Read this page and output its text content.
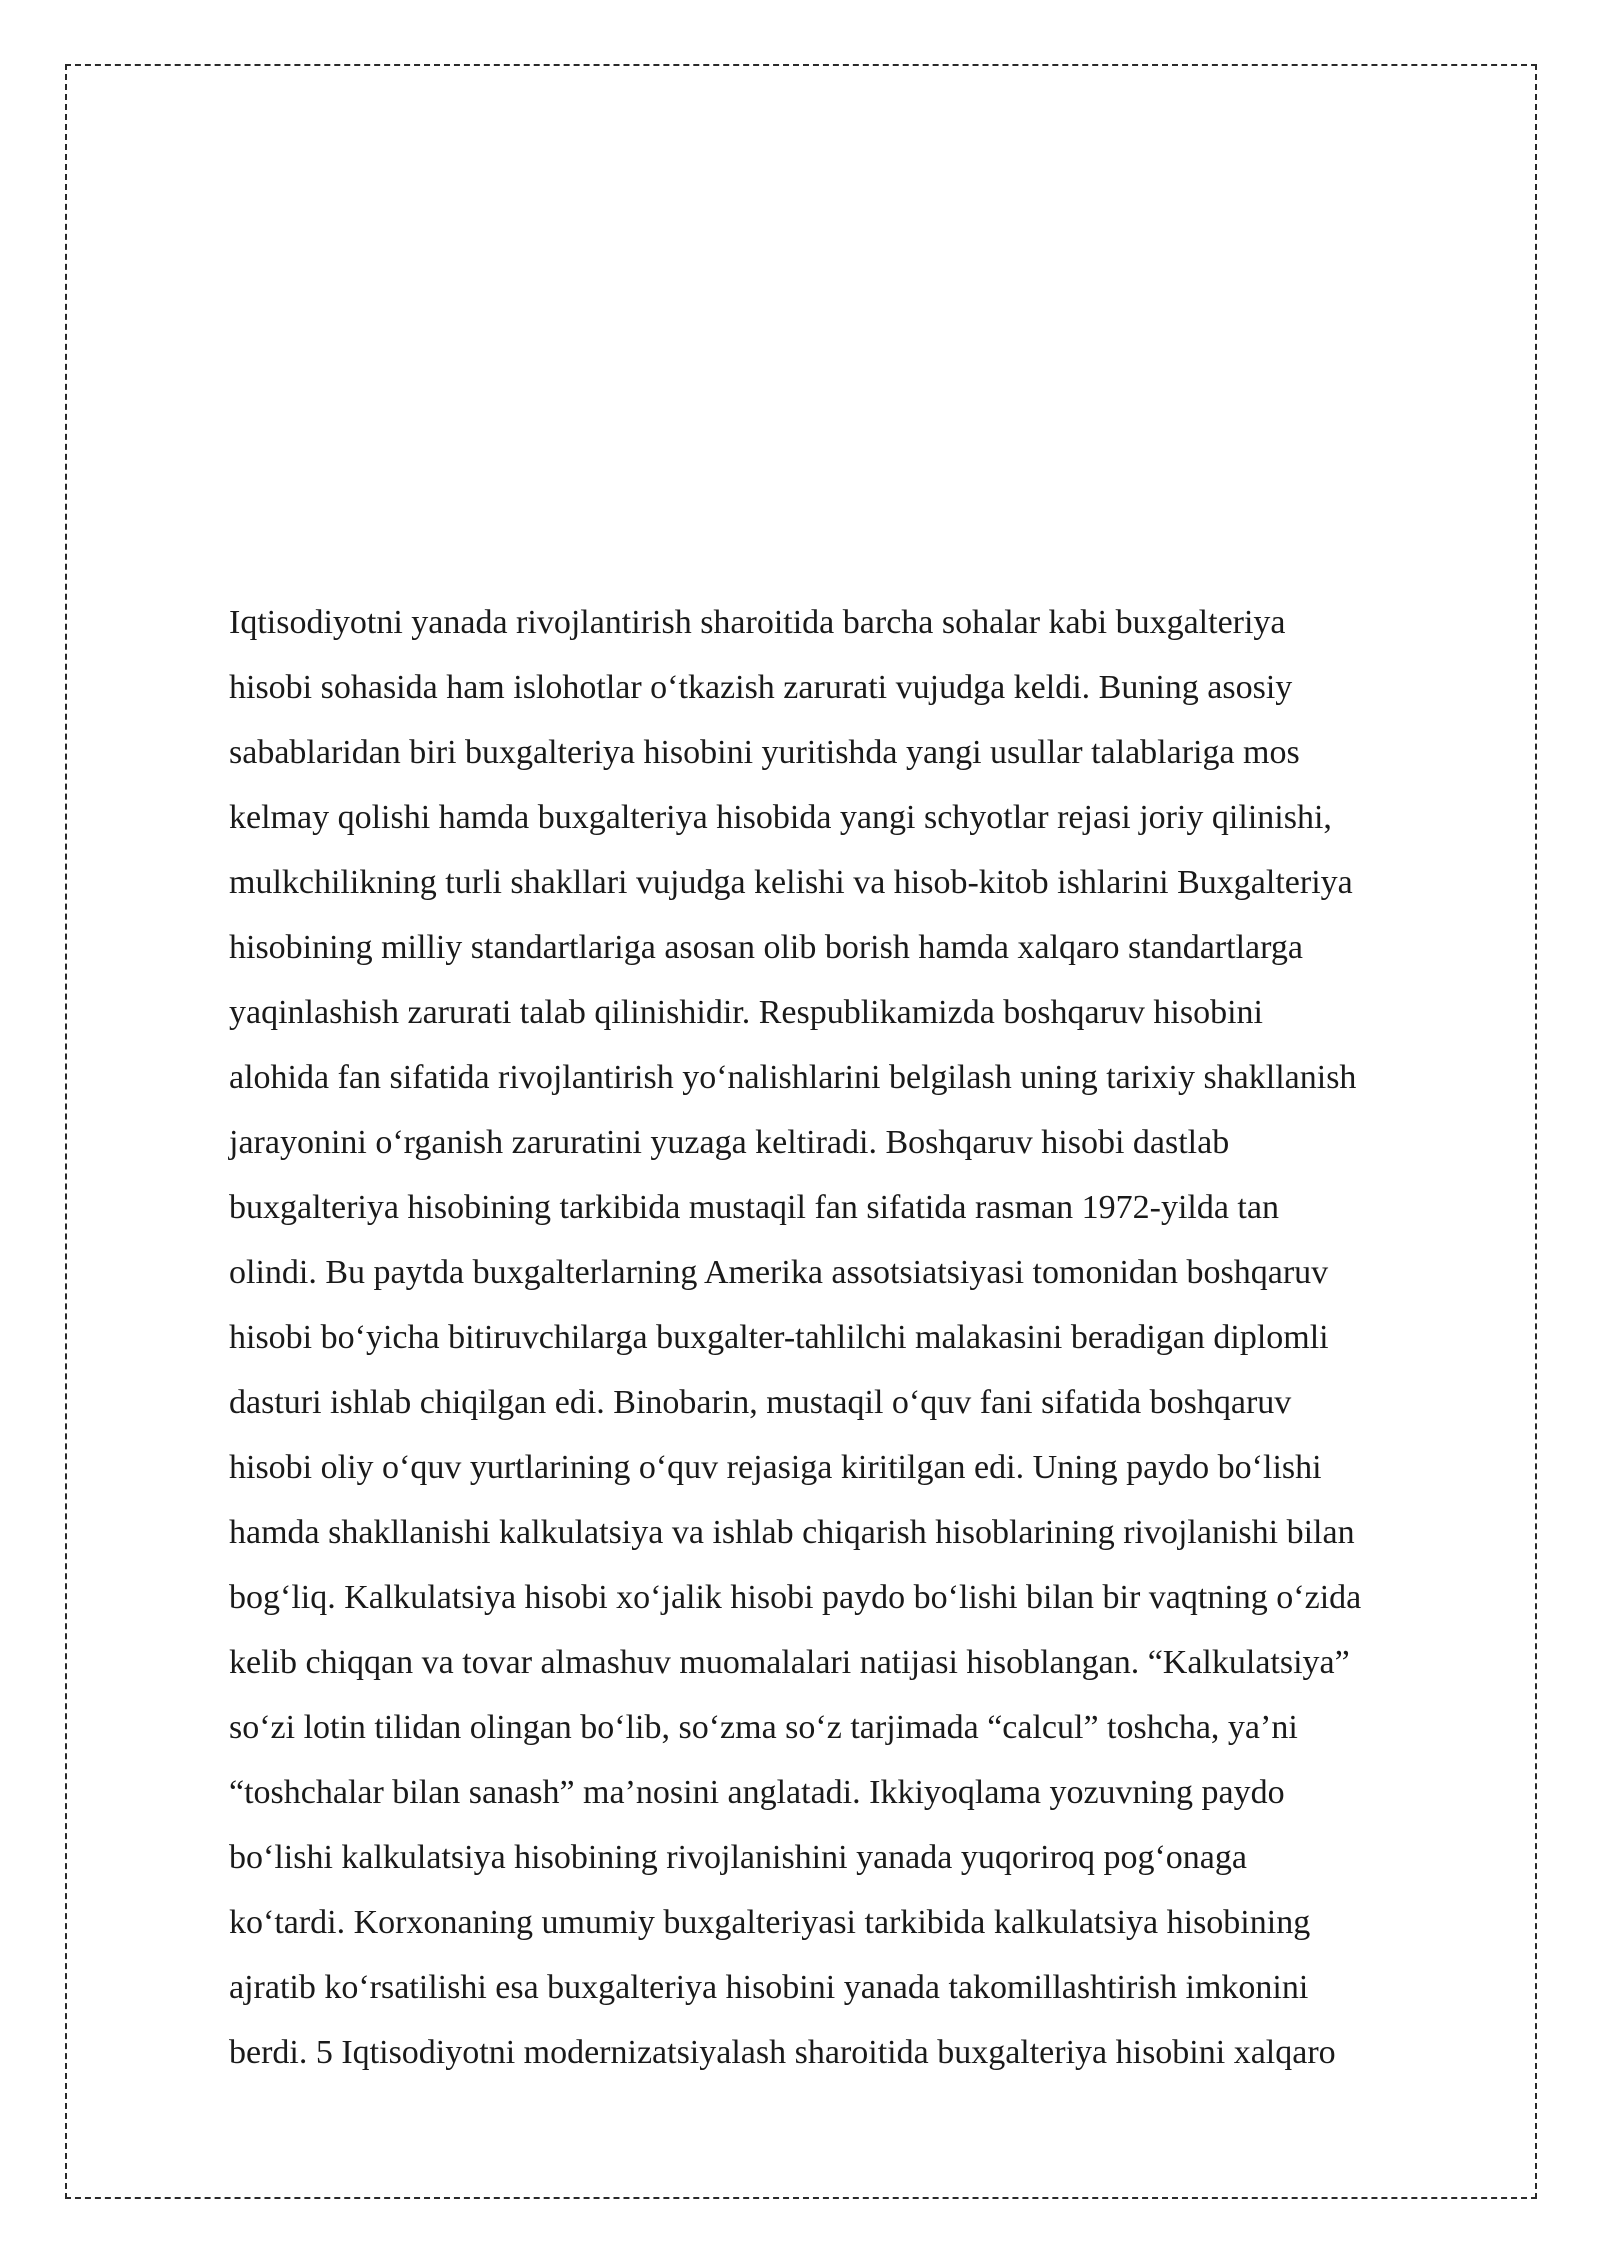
Iqtisodiyotni yanada rivojlantirish sharoitida barcha sohalar kabi buxgalteriya
hisobi sohasida ham islohotlar o‘tkazish zarurati vujudga keldi. Buning asosiy
sabablaridan biri buxgalteriya hisobini yuritishda yangi usullar talablariga mos
kelmay qolishi hamda buxgalteriya hisobida yangi schyotlar rejasi joriy qilinishi,
mulkchilikning turli shakllari vujudga kelishi va hisob-kitob ishlarini Buxgalteriya
hisobining milliy standartlariga asosan olib borish hamda xalqaro standartlarga
yaqinlashish zarurati talab qilinishidir. Respublikamizda boshqaruv hisobini
alohida fan sifatida rivojlantirish yo‘nalishlarini belgilash uning tarixiy shakllanish
jarayonini o‘rganish zaruratini yuzaga keltiradi. Boshqaruv hisobi dastlab
buxgalteriya hisobining tarkibida mustaqil fan sifatida rasman 1972-yilda tan
olindi. Bu paytda buxgalterlarning Amerika assotsiatsiyasi tomonidan boshqaruv
hisobi bo‘yicha bitiruvchilarga buxgalter-tahlilchi malakasini beradigan diplomli
dasturi ishlab chiqilgan edi. Binobarin, mustaqil o‘quv fani sifatida boshqaruv
hisobi oliy o‘quv yurtlarining o‘quv rejasiga kiritilgan edi. Uning paydo bo‘lishi
hamda shakllanishi kalkulatsiya va ishlab chiqarish hisoblarining rivojlanishi bilan
bog‘liq. Kalkulatsiya hisobi xo‘jalik hisobi paydo bo‘lishi bilan bir vaqtning o‘zida
kelib chiqqan va tovar almashuv muomalalari natijasi hisoblangan. “Kalkulatsiya”
so‘zi lotin tilidan olingan bo‘lib, so‘zma so‘z tarjimada “calcul” toshcha, ya’ni
“toshchalar bilan sanash” ma’nosini anglatadi. Ikkiyoqlama yozuvning paydo
bo‘lishi kalkulatsiya hisobining rivojlanishini yanada yuqoriroq pog‘onaga
ko‘tardi. Korxonaning umumiy buxgalteriyasi tarkibida kalkulatsiya hisobining
ajratib ko‘rsatilishi esa buxgalteriya hisobini yanada takomillashtirish imkonini
berdi. 5 Iqtisodiyotni modernizatsiyalash sharoitida buxgalteriya hisobini xalqaro
